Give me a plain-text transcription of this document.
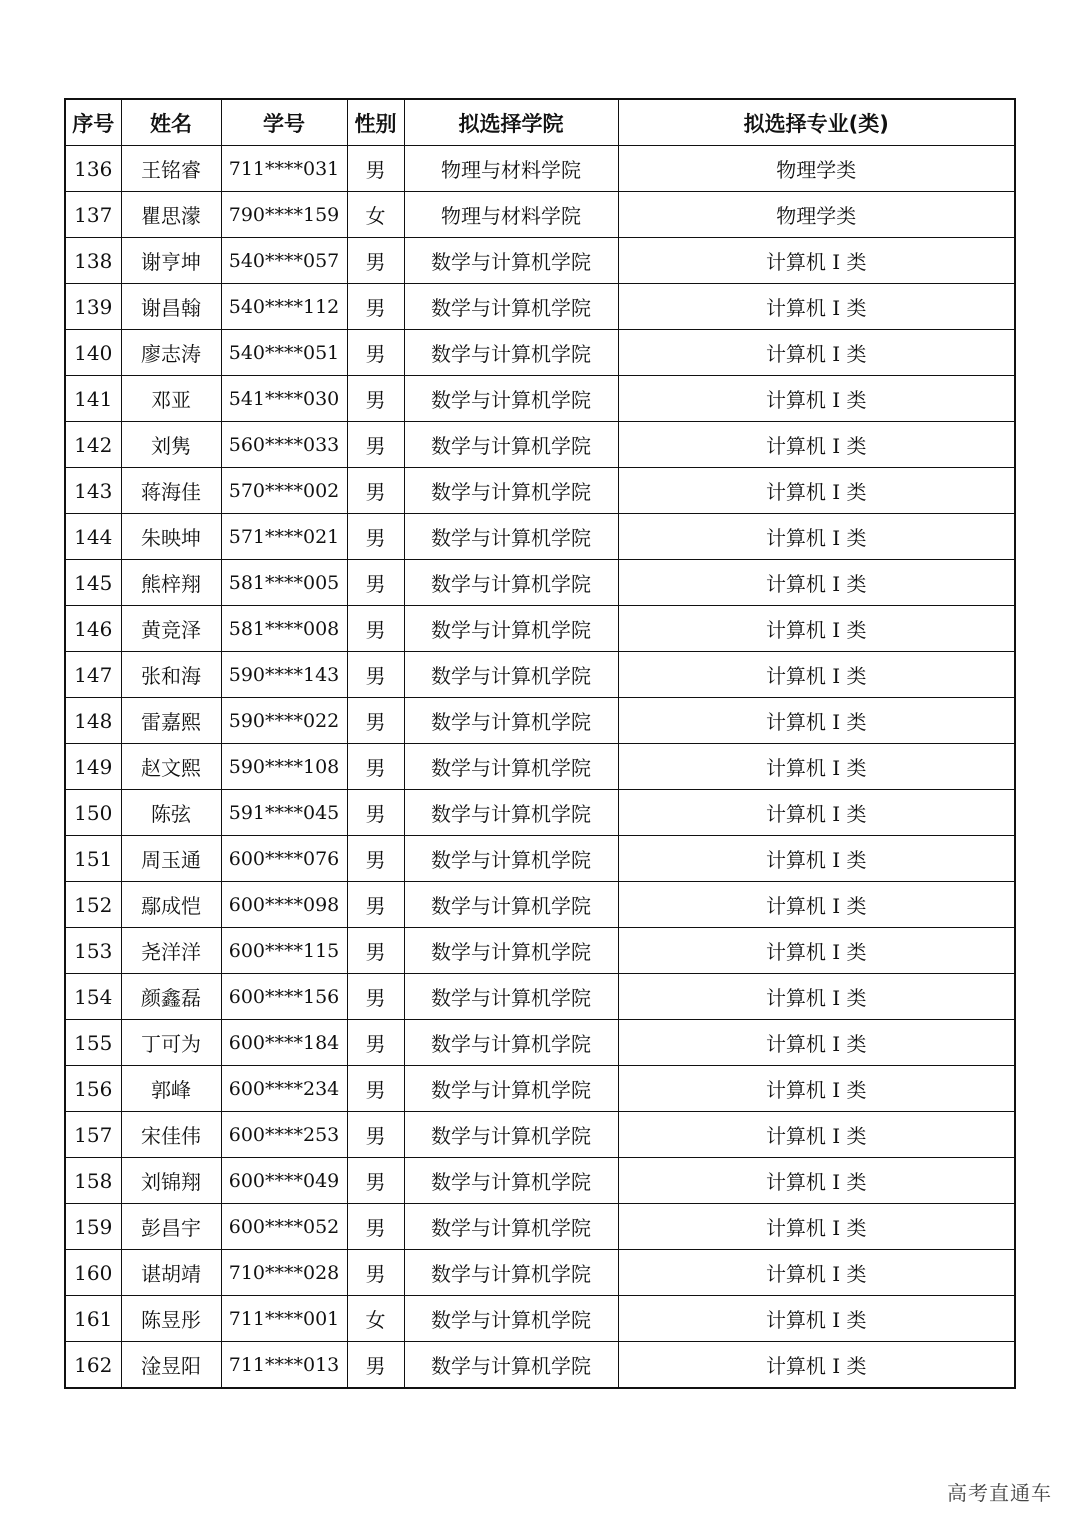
序号	姓名	学号	性别	拟选择学院	拟选择专业(类)
136	王铭睿	711****031	男	物理与材料学院	物理学类
137	瞿思濛	790****159	女	物理与材料学院	物理学类
138	谢亨坤	540****057	男	数学与计算机学院	计算机 I 类
139	谢昌翰	540****112	男	数学与计算机学院	计算机 I 类
140	廖志涛	540****051	男	数学与计算机学院	计算机 I 类
141	邓亚	541****030	男	数学与计算机学院	计算机 I 类
142	刘隽	560****033	男	数学与计算机学院	计算机 I 类
143	蒋海佳	570****002	男	数学与计算机学院	计算机 I 类
144	朱映坤	571****021	男	数学与计算机学院	计算机 I 类
145	熊梓翔	581****005	男	数学与计算机学院	计算机 I 类
146	黄竞泽	581****008	男	数学与计算机学院	计算机 I 类
147	张和海	590****143	男	数学与计算机学院	计算机 I 类
148	雷嘉熙	590****022	男	数学与计算机学院	计算机 I 类
149	赵文熙	590****108	男	数学与计算机学院	计算机 I 类
150	陈弦	591****045	男	数学与计算机学院	计算机 I 类
151	周玉通	600****076	男	数学与计算机学院	计算机 I 类
152	鄢成恺	600****098	男	数学与计算机学院	计算机 I 类
153	尧洋洋	600****115	男	数学与计算机学院	计算机 I 类
154	颜鑫磊	600****156	男	数学与计算机学院	计算机 I 类
155	丁可为	600****184	男	数学与计算机学院	计算机 I 类
156	郭峰	600****234	男	数学与计算机学院	计算机 I 类
157	宋佳伟	600****253	男	数学与计算机学院	计算机 I 类
158	刘锦翔	600****049	男	数学与计算机学院	计算机 I 类
159	彭昌宇	600****052	男	数学与计算机学院	计算机 I 类
160	谌胡靖	710****028	男	数学与计算机学院	计算机 I 类
161	陈昱彤	711****001	女	数学与计算机学院	计算机 I 类
162	淦昱阳	711****013	男	数学与计算机学院	计算机 I 类
高考直通车
